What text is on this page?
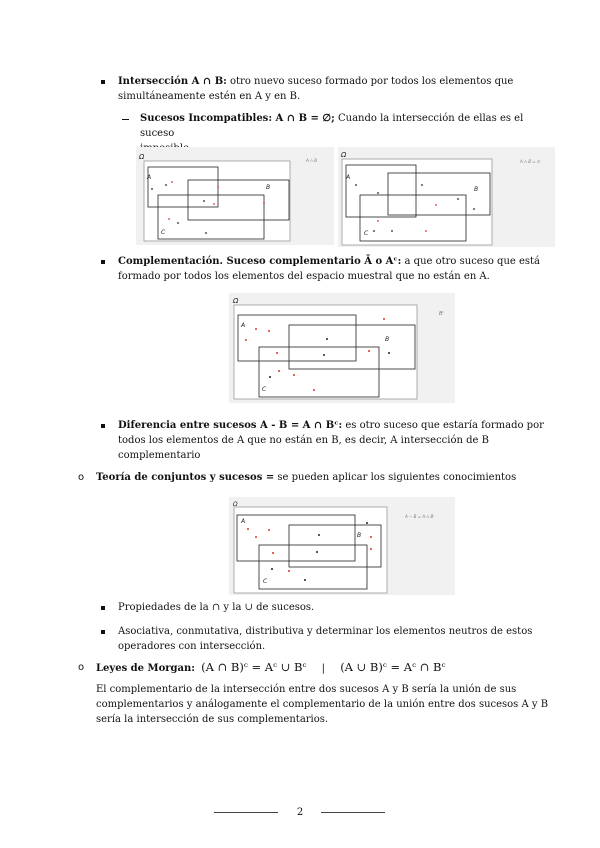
Intersección A ∩ B: otro nuevo suceso formado por todos los elementos que
simultáneamente estén en A y en B.
Sucesos Incompatibles: A ∩ B = ∅; Cuando la intersección de ellas es el suceso

Ω
A
B
C
A ∩ B
Ω
A
B
C
A ∩ B = ∅
Complementación. Suceso complementario Ā o Aᶜ: a que otro suceso que está
formado por todos los elementos del espacio muestral que no están en A.
Ω
A
B
C
Bᶜ
Diferencia entre sucesos A - B = A ∩ Bᶜ: es otro suceso que estaría formado por
todos los elementos de A que no están en B, es decir, A intersección de B
complementario
o Teoría de conjuntos y sucesos = se pueden aplicar los siguientes conocimientos
Ω
A
B
C
A − B = A ∩ Bᶜ
Propiedades de la ∩ y la ∪ de sucesos.
Asociativa, conmutativa, distributiva y determinar los elementos neutros de estos
operadores con intersección.
o Leyes de Morgan: (A ∩ B)ᶜ = Aᶜ ∪ Bᶜ | (A ∪ B)ᶜ = Aᶜ ∩ Bᶜ
El complementario de la intersección entre dos sucesos A y B sería la unión de sus
complementarios y análogamente el complementario de la unión entre dos sucesos A y B
sería la intersección de sus complementarios.
2
